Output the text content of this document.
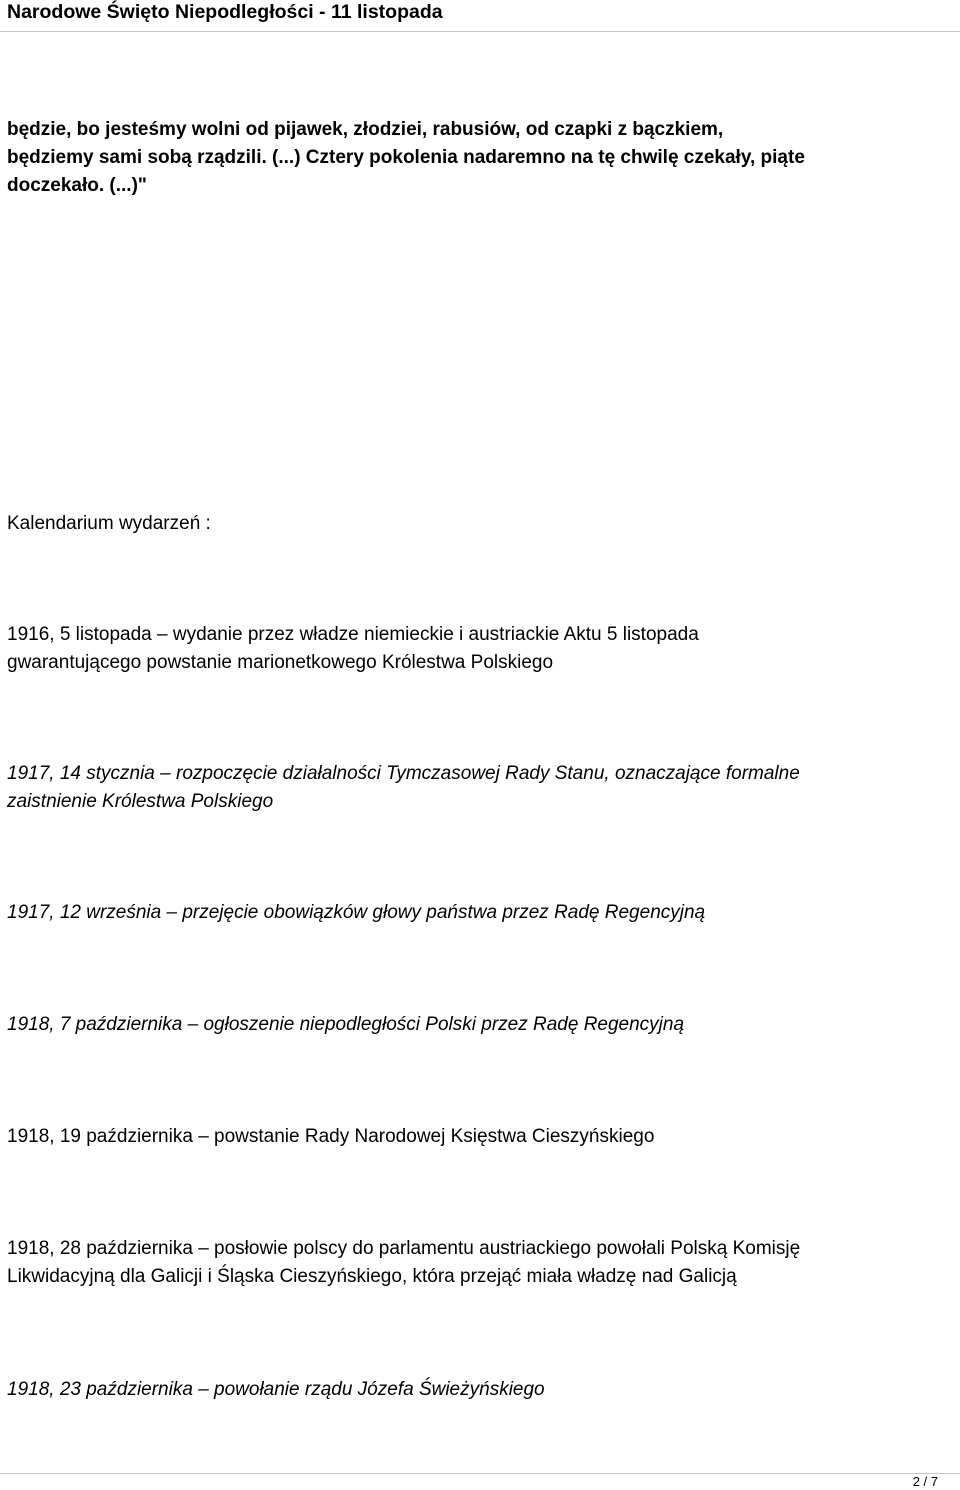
Narodowe Święto Niepodległości - 11 listopada

będzie, bo jesteśmy wolni od pijawek, złodziei, rabusiów, od czapki z bączkiem,

będziemy sami sobą rządzili. (...) Cztery pokolenia nadaremno na tę chwilę czekały, piąte

doczekało. (...)"

Kalendarium wydarzeń :

1916, 5 listopada – wydanie przez władze niemieckie i austriackie Aktu 5 listopada

gwarantującego powstanie marionetkowego Królestwa Polskiego

1917, 14 stycznia – rozpoczęcie działalności Tymczasowej Rady Stanu, oznaczające formalne

zaistnienie Królestwa Polskiego

1917, 12 września – przejęcie obowiązków głowy państwa przez Radę Regencyjną

1918, 7 października – ogłoszenie niepodległości Polski przez Radę Regencyjną

1918, 19 października – powstanie Rady Narodowej Księstwa Cieszyńskiego

1918, 28 października – posłowie polscy do parlamentu austriackiego powołali Polską Komisję

Likwidacyjną dla Galicji i Śląska Cieszyńskiego, która przejąć miała władzę nad Galicją

1918, 23 października – powołanie rządu Józefa Świeżyńskiego

2 / 7
